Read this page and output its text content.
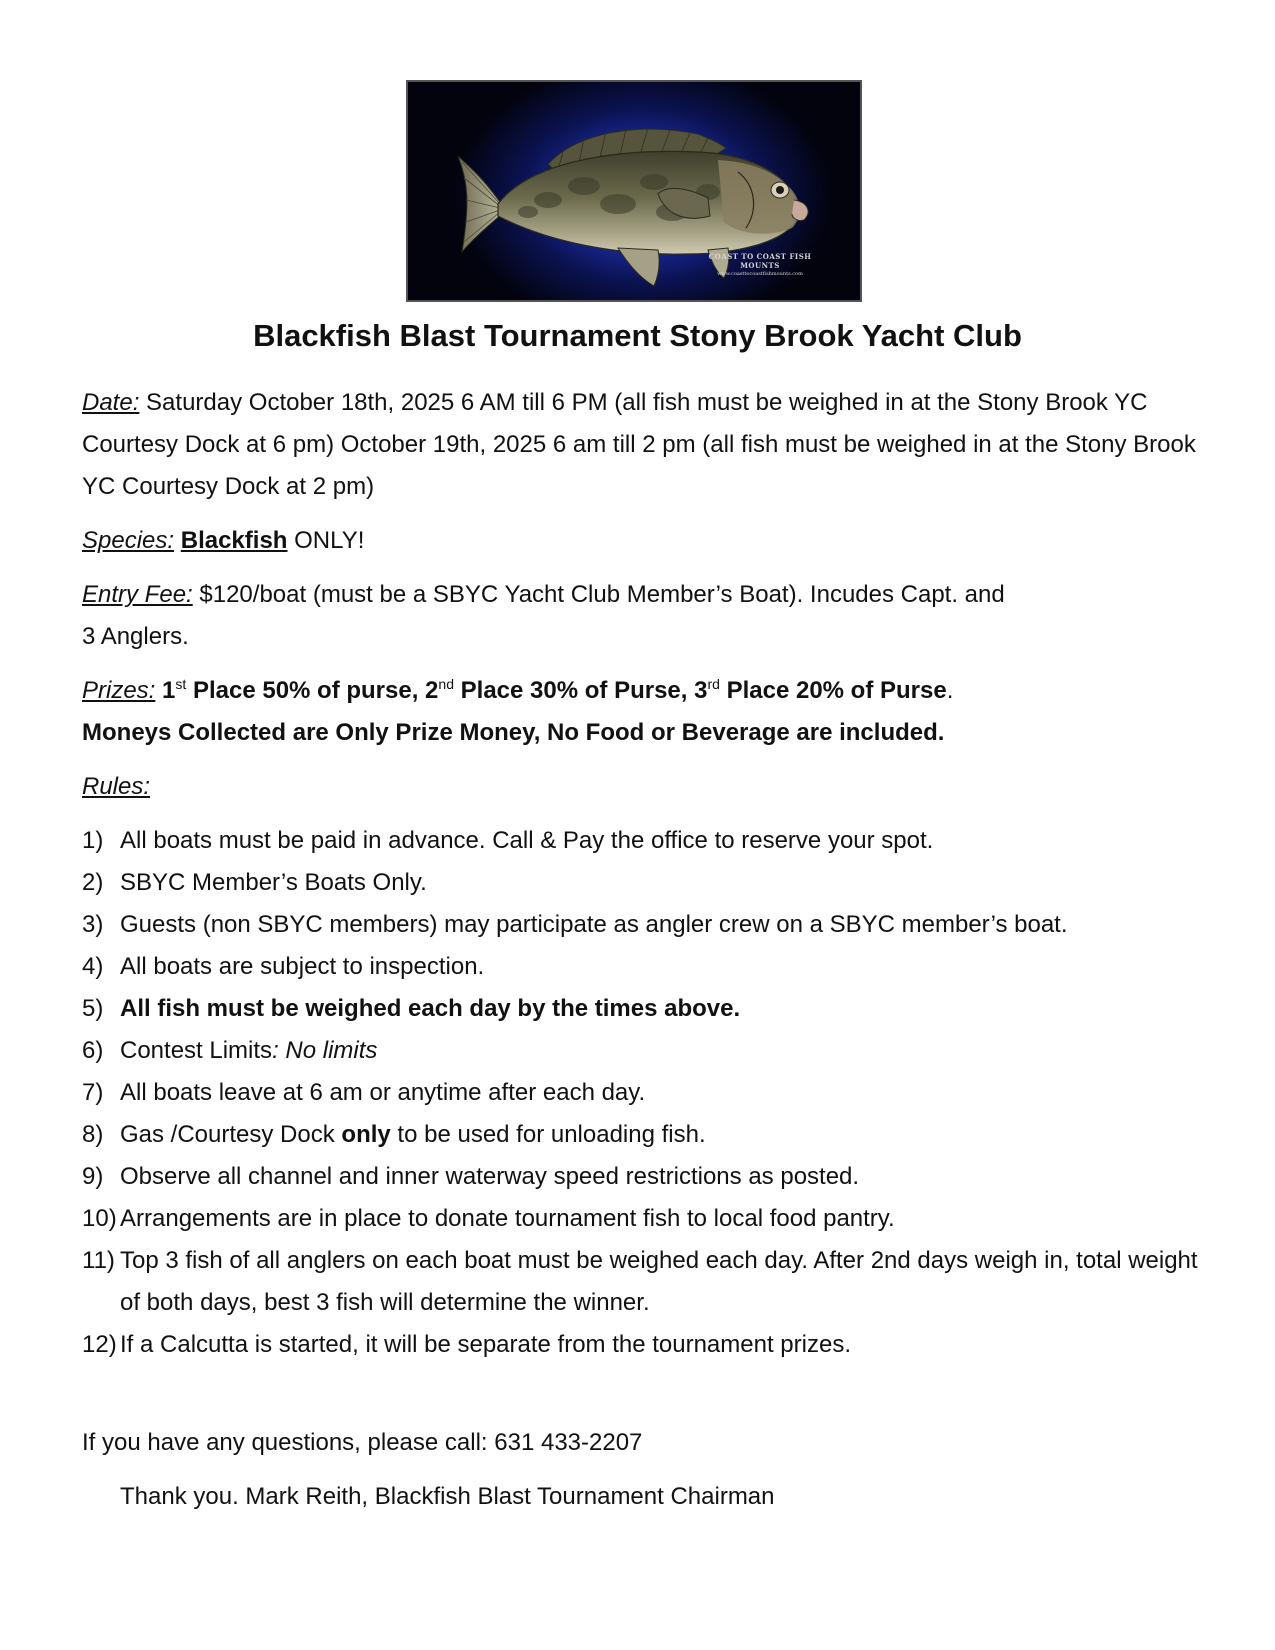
COAST TO COAST FISH MOUNTS
www.coasttocoastfishmounts.com
Blackfish Blast Tournament Stony Brook Yacht Club

Date: Saturday October 18th, 2025 6 AM till 6 PM (all fish must be weighed in at the Stony Brook YC Courtesy Dock at 6 pm) October 19th, 2025 6 am till 2 pm (all fish must be weighed in at the Stony Brook YC Courtesy Dock at 2 pm)

Species: Blackfish ONLY!

Entry Fee: $120/boat (must be a SBYC Yacht Club Member’s Boat). Incudes Capt. and
3 Anglers.

Prizes: 1st Place 50% of purse, 2nd Place 30% of Purse, 3rd Place 20% of Purse.
Moneys Collected are Only Prize Money, No Food or Beverage are included.

Rules:

1) All boats must be paid in advance. Call & Pay the office to reserve your spot.
2) SBYC Member’s Boats Only.
3) Guests (non SBYC members) may participate as angler crew on a SBYC member’s boat.
4) All boats are subject to inspection.
5) All fish must be weighed each day by the times above.
6) Contest Limits: No limits
7) All boats leave at 6 am or anytime after each day.
8) Gas /Courtesy Dock only to be used for unloading fish.
9) Observe all channel and inner waterway speed restrictions as posted.
10) Arrangements are in place to donate tournament fish to local food pantry.
11) Top 3 fish of all anglers on each boat must be weighed each day. After 2nd days weigh in, total weight of both days, best 3 fish will determine the winner.
12) If a Calcutta is started, it will be separate from the tournament prizes.

If you have any questions, please call: 631 433-2207

Thank you. Mark Reith, Blackfish Blast Tournament Chairman
